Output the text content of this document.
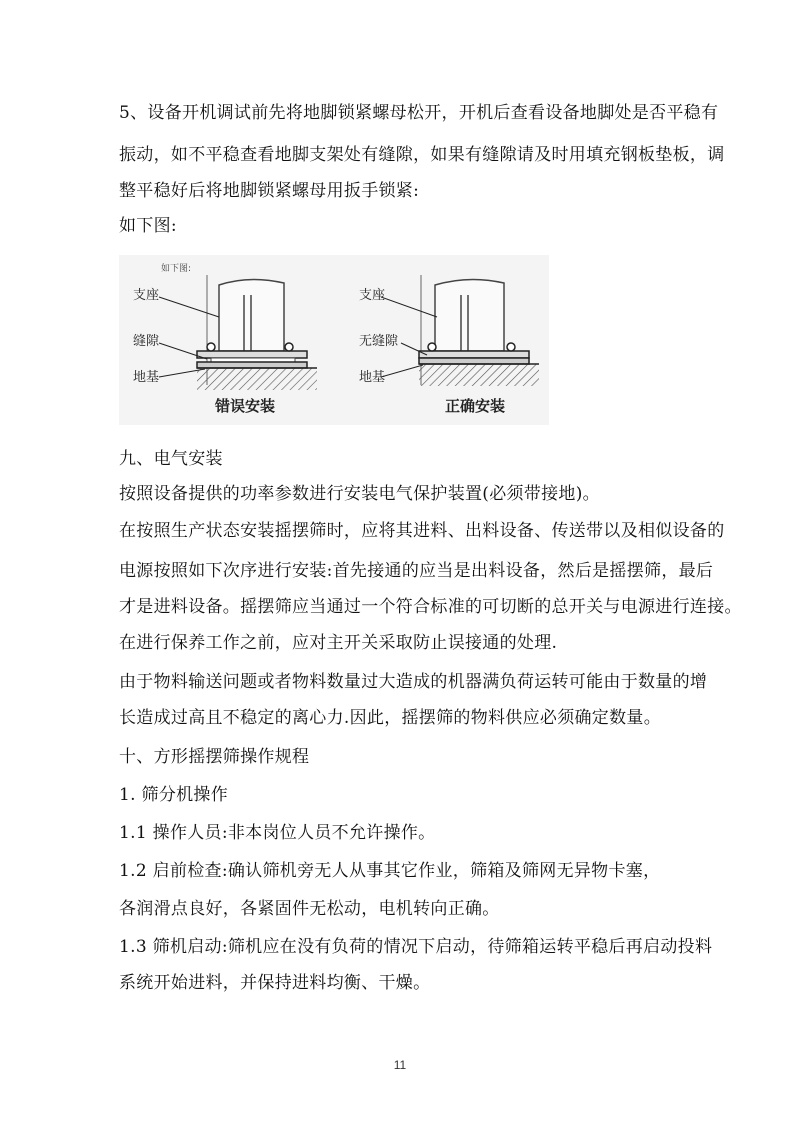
5、设备开机调试前先将地脚锁紧螺母松开，开机后查看设备地脚处是否平稳有
振动，如不平稳查看地脚支架处有缝隙，如果有缝隙请及时用填充钢板垫板，调
整平稳好后将地脚锁紧螺母用扳手锁紧:
如下图:
如下图:
支座
缝隙
地基
错误安装
支座
无缝隙
地基
正确安装
九、电气安装
按照设备提供的功率参数进行安装电气保护装置(必须带接地)。
在按照生产状态安装摇摆筛时，应将其进料、出料设备、传送带以及相似设备的
电源按照如下次序进行安装:首先接通的应当是出料设备，然后是摇摆筛，最后
才是进料设备。摇摆筛应当通过一个符合标准的可切断的总开关与电源进行连接。
在进行保养工作之前，应对主开关采取防止误接通的处理.
由于物料输送问题或者物料数量过大造成的机器满负荷运转可能由于数量的增
长造成过高且不稳定的离心力.因此，摇摆筛的物料供应必须确定数量。
十、方形摇摆筛操作规程
1. 筛分机操作
1.1 操作人员:非本岗位人员不允许操作。
1.2 启前检查:确认筛机旁无人从事其它作业，筛箱及筛网无异物卡塞，
各润滑点良好，各紧固件无松动，电机转向正确。
1.3 筛机启动:筛机应在没有负荷的情况下启动，待筛箱运转平稳后再启动投料
系统开始进料，并保持进料均衡、干燥。
11
